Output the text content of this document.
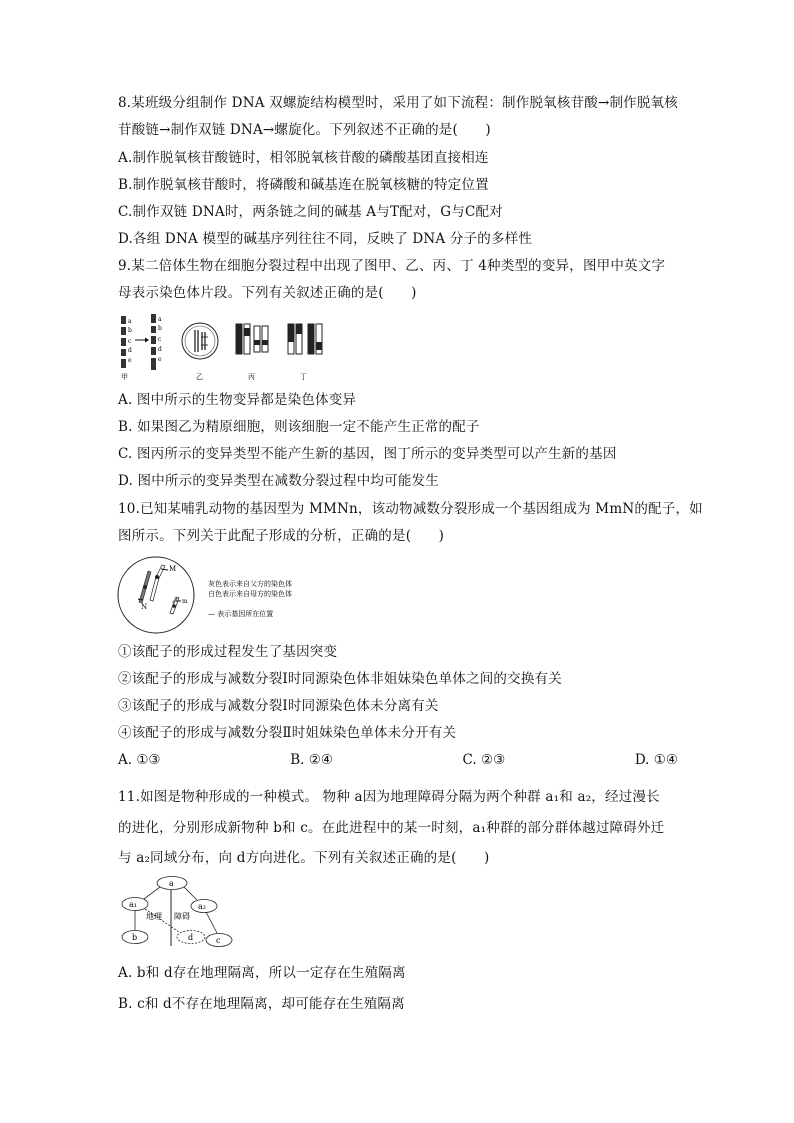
8.某班级分组制作 DNA 双螺旋结构模型时，采用了如下流程：制作脱氧核苷酸→制作脱氧核
苷酸链→制作双链 DNA→螺旋化。下列叙述不正确的是(　　)
A.制作脱氧核苷酸链时，相邻脱氧核苷酸的磷酸基团直接相连
B.制作脱氧核苷酸时，将磷酸和碱基连在脱氧核糖的特定位置
C.制作双链 DNA时，两条链之间的碱基 A与T配对，G与C配对
D.各组 DNA 模型的碱基序列往往不同，反映了 DNA 分子的多样性
9.某二倍体生物在细胞分裂过程中出现了图甲、乙、丙、丁 4种类型的变异，图甲中英文字
母表示染色体片段。下列有关叙述正确的是(　　)
a
b
c
d
e
a
b
c
d
e
甲	乙	丙	丁
A. 图中所示的生物变异都是染色体变异
B. 如果图乙为精原细胞，则该细胞一定不能产生正常的配子
C. 图丙所示的变异类型不能产生新的基因，图丁所示的变异类型可以产生新的基因
D. 图中所示的变异类型在减数分裂过程中均可能发生
10.已知某哺乳动物的基因型为 MMNn，该动物减数分裂形成一个基因组成为 MmN的配子，如
图所示。下列关于此配子形成的分析，正确的是(　　)
N
M
m
灰色表示来自父方的染色体
白色表示来自母方的染色体
— 表示基因所在位置
①该配子的形成过程发生了基因突变
②该配子的形成与减数分裂Ⅰ时同源染色体非姐妹染色单体之间的交换有关
③该配子的形成与减数分裂Ⅰ时同源染色体未分离有关
④该配子的形成与减数分裂Ⅱ时姐妹染色单体未分开有关
A. ①③	B. ②④	C. ②③	D. ①④
11.如图是物种形成的一种模式。 物种 a因为地理障碍分隔为两个种群 a₁和 a₂，经过漫长
的进化，分别形成新物种 b和 c。在此进程中的某一时刻，a₁种群的部分群体越过障碍外迁
与 a₂同域分布，向 d方向进化。下列有关叙述正确的是(　　)
a
a₁	a₂
b	d	c
地理 障碍
A. b和 d存在地理隔离，所以一定存在生殖隔离
B. c和 d不存在地理隔离，却可能存在生殖隔离
